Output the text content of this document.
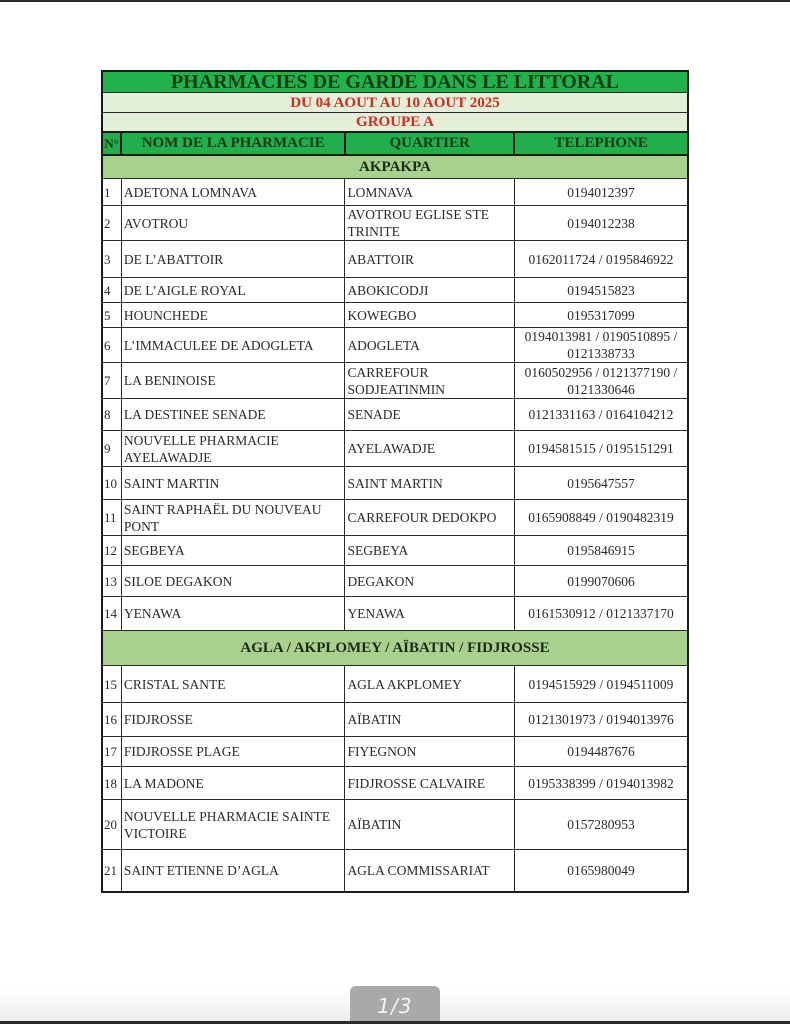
PHARMACIES DE GARDE DANS LE LITTORAL			
DU 04 AOUT AU 10 AOUT 2025			
GROUPE A			
N°	NOM DE LA PHARMACIE	QUARTIER	TELEPHONE
AKPAKPA			
1	ADETONA LOMNAVA	LOMNAVA	0194012397
2	AVOTROU	AVOTROU EGLISE STE TRINITE	0194012238
3	DE L’ABATTOIR	ABATTOIR	0162011724 / 0195846922
4	DE L’AIGLE ROYAL	ABOKICODJI	0194515823
5	HOUNCHEDE	KOWEGBO	0195317099
6	L’IMMACULEE DE ADOGLETA	ADOGLETA	0194013981 / 0190510895 / 0121338733
7	LA BENINOISE	CARREFOUR SODJEATINMIN	0160502956 / 0121377190 / 0121330646
8	LA DESTINEE SENADE	SENADE	0121331163 / 0164104212
9	NOUVELLE PHARMACIE AYELAWADJE	AYELAWADJE	0194581515 / 0195151291
10	SAINT MARTIN	SAINT MARTIN	0195647557
11	SAINT RAPHAËL DU NOUVEAU PONT	CARREFOUR DEDOKPO	0165908849 / 0190482319
12	SEGBEYA	SEGBEYA	0195846915
13	SILOE DEGAKON	DEGAKON	0199070606
14	YENAWA	YENAWA	0161530912 / 0121337170
AGLA / AKPLOMEY / AÏBATIN / FIDJROSSE			
15	CRISTAL SANTE	AGLA AKPLOMEY	0194515929 / 0194511009
16	FIDJROSSE	AÏBATIN	0121301973 / 0194013976
17	FIDJROSSE PLAGE	FIYEGNON	0194487676
18	LA MADONE	FIDJROSSE CALVAIRE	0195338399 / 0194013982
20	NOUVELLE PHARMACIE SAINTE VICTOIRE	AÏBATIN	0157280953
21	SAINT ETIENNE D’AGLA	AGLA COMMISSARIAT	0165980049
1/3
